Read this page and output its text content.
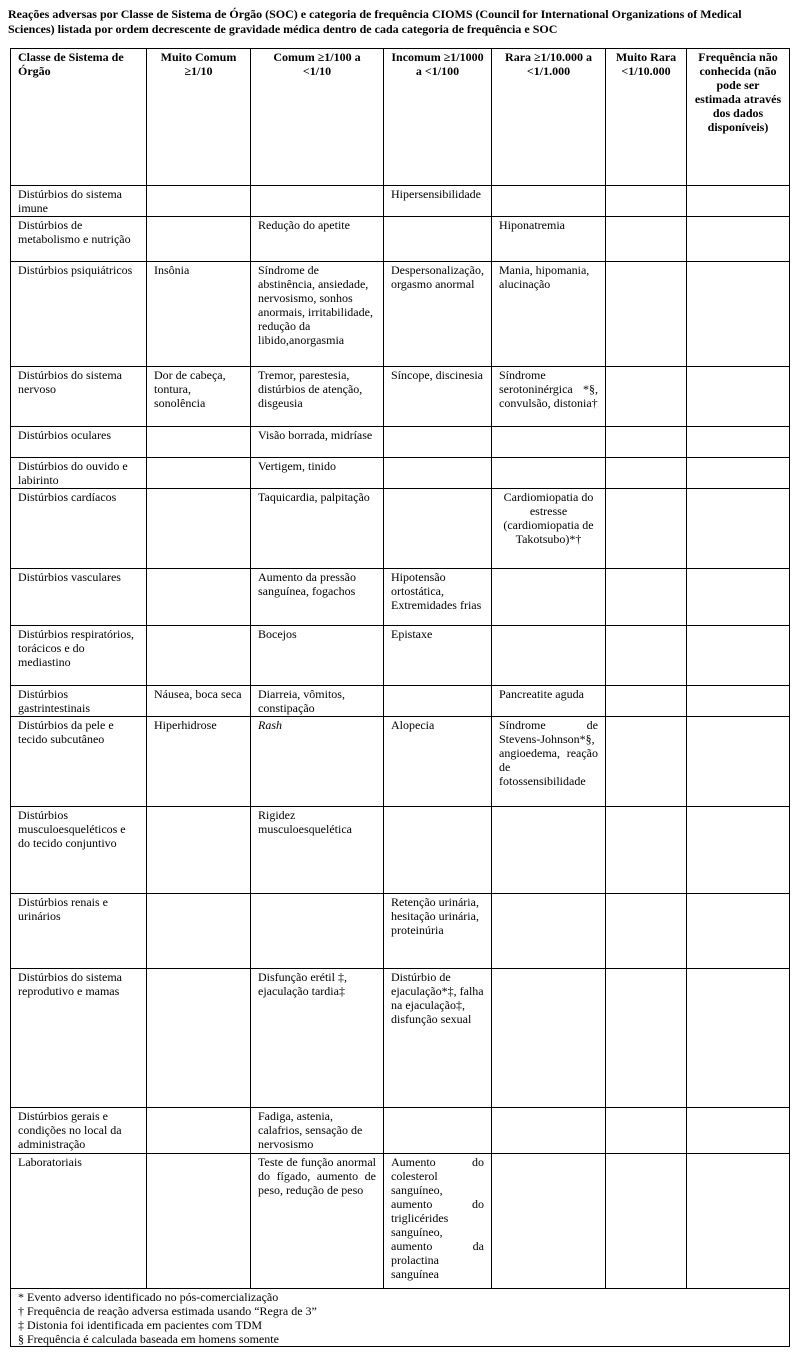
Reações adversas por Classe de Sistema de Órgão (SOC) e categoria de frequência CIOMS (Council for International Organizations of Medical Sciences) listada por ordem decrescente de gravidade médica dentro de cada categoria de frequência e SOC
Classe de Sistema de Órgão	Muito Comum ≥1/10	Comum ≥1/100 a <1/10	Incomum ≥1/1000 a <1/100	Rara ≥1/10.000 a <1/1.000	Muito Rara <1/10.000	Frequência não conhecida (não pode ser estimada através dos dados disponíveis)
Distúrbios do sistema imune			Hipersensibilidade			
Distúrbios de metabolismo e nutrição		Redução do apetite		Hiponatremia		
Distúrbios psiquiátricos	Insônia	Síndrome de abstinência, ansiedade, nervosismo, sonhos anormais, irritabilidade, redução da libido,anorgasmia	Despersonalização, orgasmo anormal	Mania, hipomania, alucinação		
Distúrbios do sistema nervoso	Dor de cabeça, tontura, sonolência	Tremor, parestesia, distúrbios de atenção, disgeusia	Síncope, discinesia	Síndrome serotoninérgica *§, convulsão, distonia†		
Distúrbios oculares		Visão borrada, midríase				
Distúrbios do ouvido e labirinto		Vertigem, tinido				
Distúrbios cardíacos		Taquicardia, palpitação		Cardiomiopatia do estresse (cardiomiopatia de Takotsubo)*†		
Distúrbios vasculares		Aumento da pressão sanguínea, fogachos	Hipotensão ortostática, Extremidades frias			
Distúrbios respiratórios, torácicos e do mediastino		Bocejos	Epistaxe			
Distúrbios gastrintestinais	Náusea, boca seca	Diarreia, vômitos, constipação		Pancreatite aguda		
Distúrbios da pele e tecido subcutâneo	Hiperhidrose	Rash	Alopecia	Síndrome de Stevens-Johnson*§, angioedema, reação de fotossensibilidade		
Distúrbios musculoesqueléticos e do tecido conjuntivo		Rigidez musculoesquelética				
Distúrbios renais e urinários			Retenção urinária, hesitação urinária, proteinúria			
Distúrbios do sistema reprodutivo e mamas		Disfunção erétil ‡, ejaculação tardia‡	Distúrbio de ejaculação*‡, falha na ejaculação‡, disfunção sexual			
Distúrbios gerais e condições no local da administração		Fadiga, astenia, calafrios, sensação de nervosismo				
Laboratoriais		Teste de função anormal do fígado, aumento de peso, redução de peso	Aumento do colesterol sanguíneo, aumento do triglicérides sanguíneo, aumento da prolactina sanguínea			

* Evento adverso identificado no pós-comercialização
† Frequência de reação adversa estimada usando “Regra de 3”
‡ Distonia foi identificada em pacientes com TDM
§ Frequência é calculada baseada em homens somente						
